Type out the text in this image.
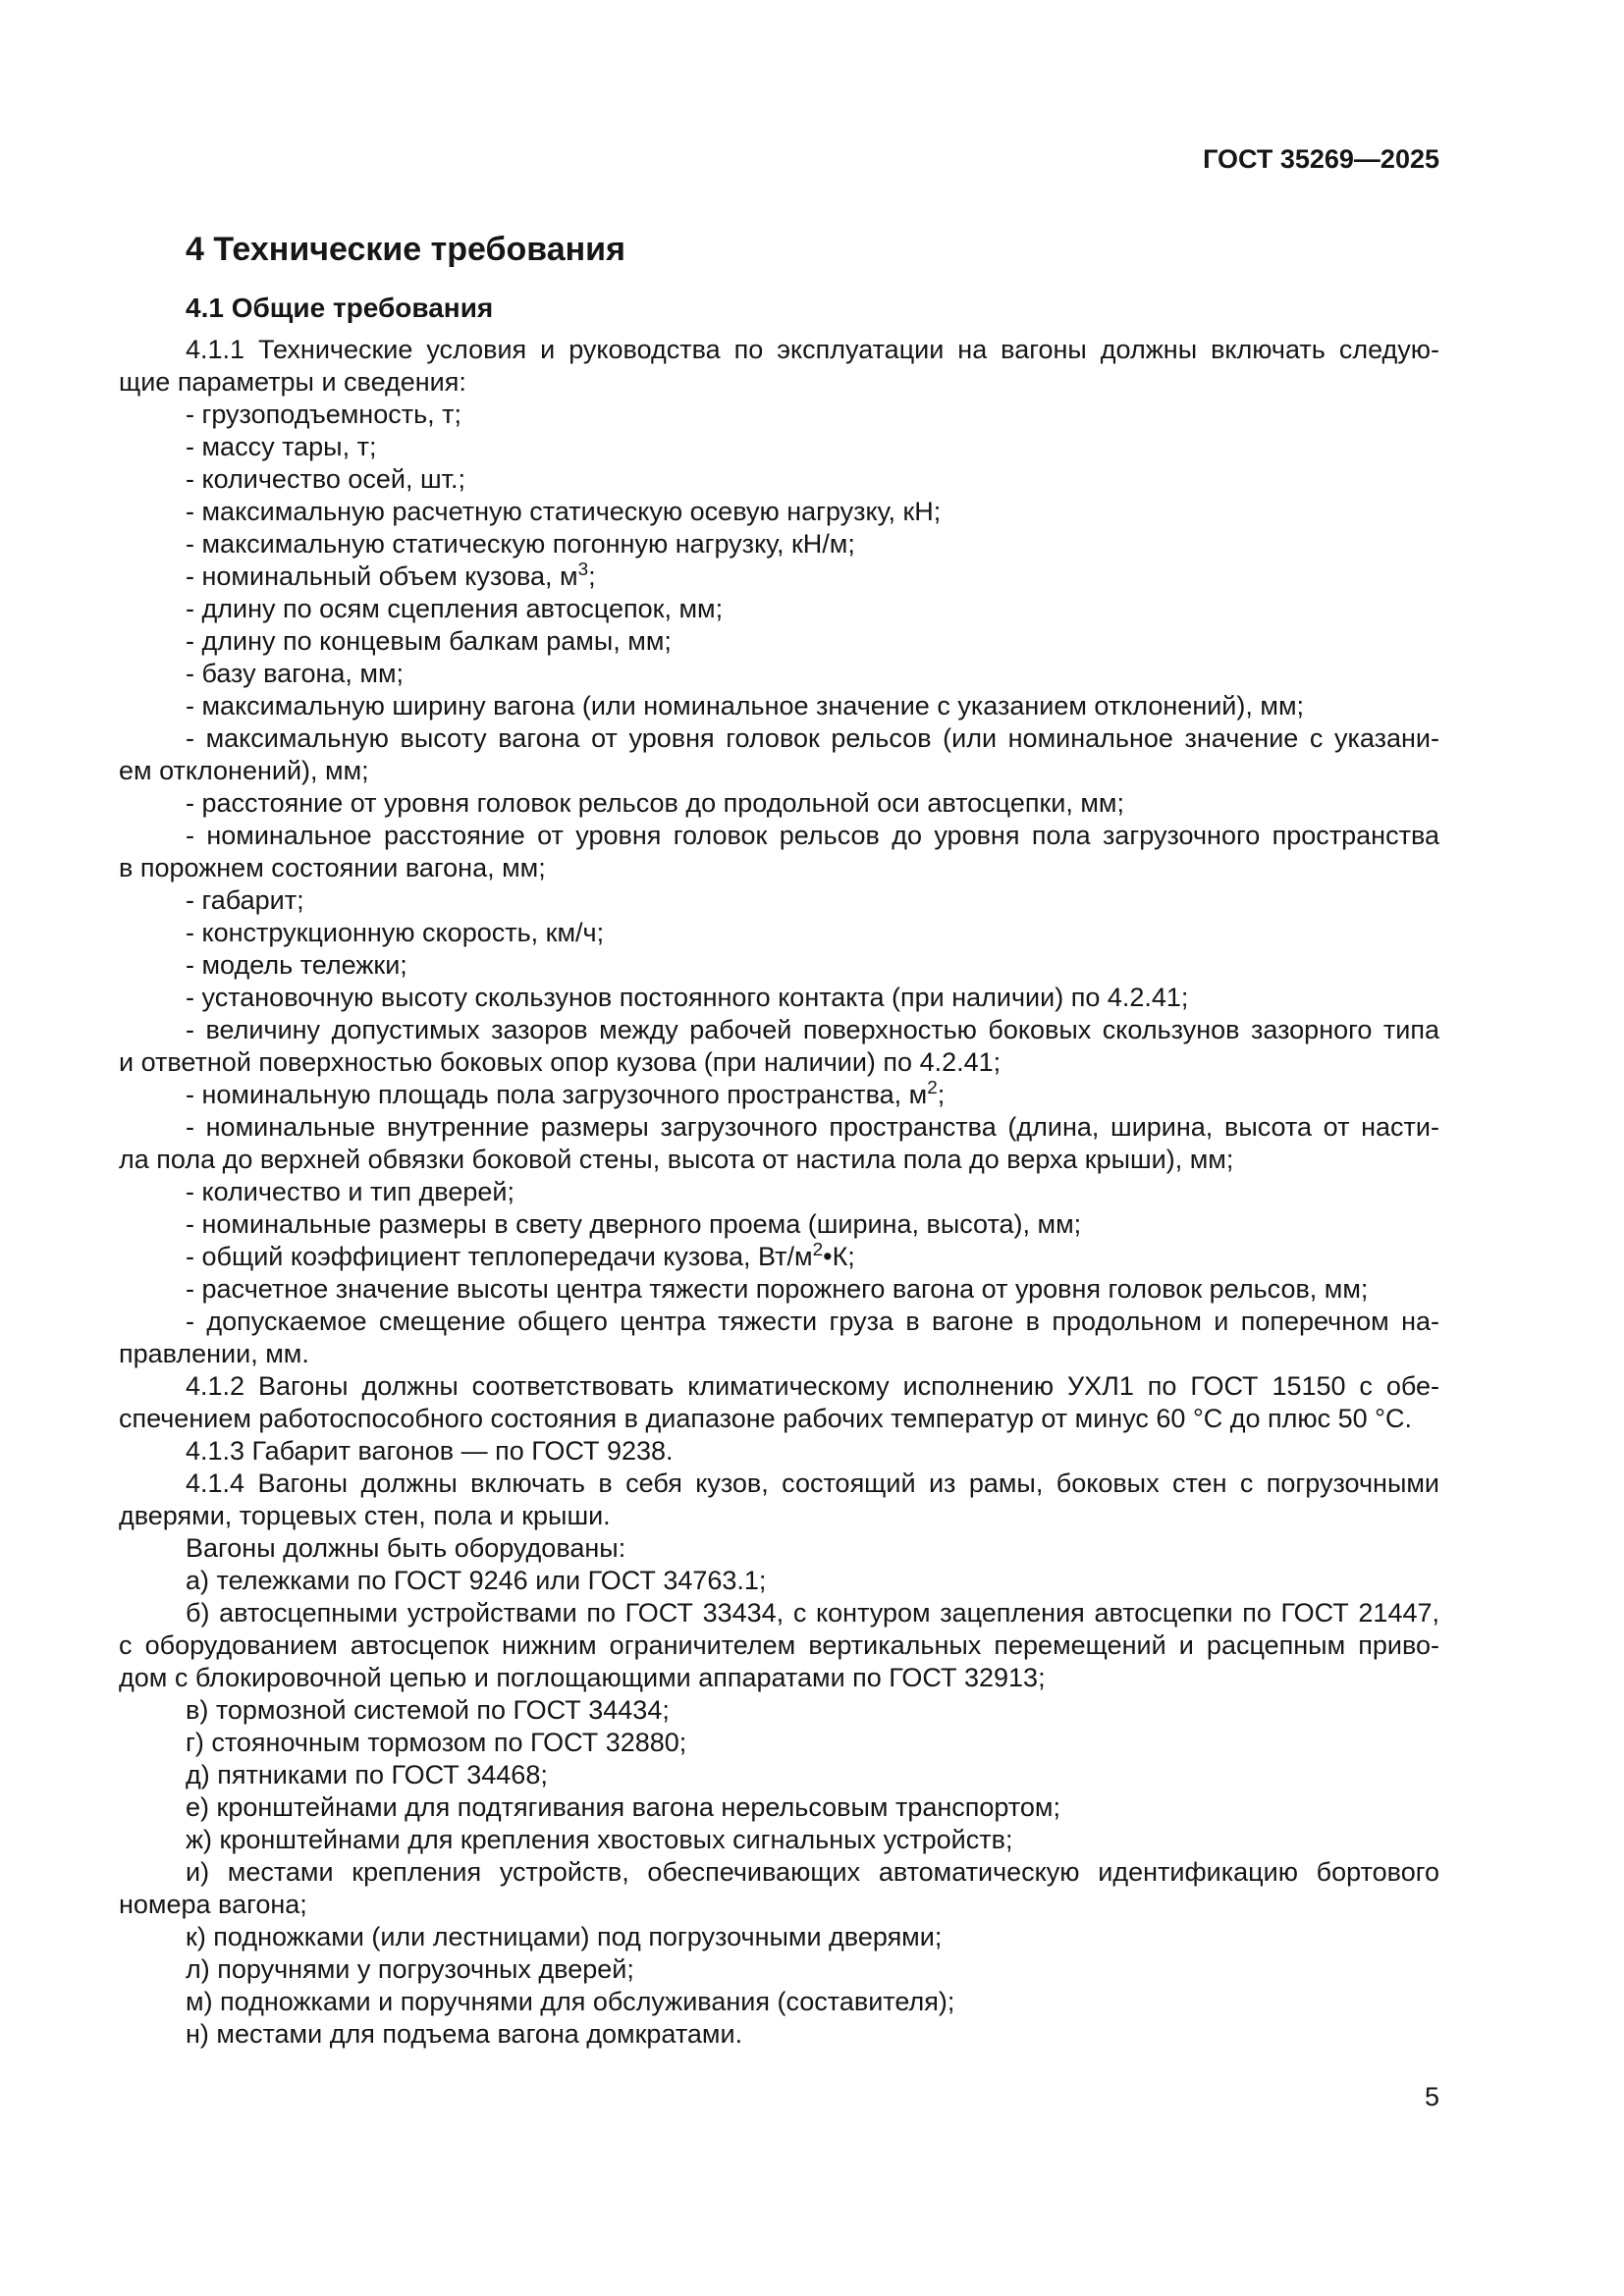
ГОСТ 35269—2025
4 Технические требования
4.1 Общие требования
4.1.1 Технические условия и руководства по эксплуатации на вагоны должны включать следую-
щие параметры и сведения:
- грузоподъемность, т;
- массу тары, т;
- количество осей, шт.;
- максимальную расчетную статическую осевую нагрузку, кН;
- максимальную статическую погонную нагрузку, кН/м;
- номинальный объем кузова, $м^3$;
- длину по осям сцепления автосцепок, мм;
- длину по концевым балкам рамы, мм;
- базу вагона, мм;
- максимальную ширину вагона (или номинальное значение с указанием отклонений), мм;
- максимальную высоту вагона от уровня головок рельсов (или номинальное значение с указани-
ем отклонений), мм;
- расстояние от уровня головок рельсов до продольной оси автосцепки, мм;
- номинальное расстояние от уровня головок рельсов до уровня пола загрузочного пространства
в порожнем состоянии вагона, мм;
- габарит;
- конструкционную скорость, км/ч;
- модель тележки;
- установочную высоту скользунов постоянного контакта (при наличии) по 4.2.41;
- величину допустимых зазоров между рабочей поверхностью боковых скользунов зазорного типа
и ответной поверхностью боковых опор кузова (при наличии) по 4.2.41;
- номинальную площадь пола загрузочного пространства, $м^2$;
- номинальные внутренние размеры загрузочного пространства (длина, ширина, высота от насти-
ла пола до верхней обвязки боковой стены, высота от настила пола до верха крыши), мм;
- количество и тип дверей;
- номинальные размеры в свету дверного проема (ширина, высота), мм;
- общий коэффициент теплопередачи кузова, $Вт/м^2•К$;
- расчетное значение высоты центра тяжести порожнего вагона от уровня головок рельсов, мм;
- допускаемое смещение общего центра тяжести груза в вагоне в продольном и поперечном на-
правлении, мм.
4.1.2 Вагоны должны соответствовать климатическому исполнению УХЛ1 по ГОСТ 15150 с обе-
спечением работоспособного состояния в диапазоне рабочих температур от минус 60 °С до плюс 50 °С.
4.1.3 Габарит вагонов — по ГОСТ 9238.
4.1.4 Вагоны должны включать в себя кузов, состоящий из рамы, боковых стен с погрузочными
дверями, торцевых стен, пола и крыши.
Вагоны должны быть оборудованы:
а) тележками по ГОСТ 9246 или ГОСТ 34763.1;
б) автосцепными устройствами по ГОСТ 33434, с контуром зацепления автосцепки по ГОСТ 21447,
с оборудованием автосцепок нижним ограничителем вертикальных перемещений и расцепным приво-
дом с блокировочной цепью и поглощающими аппаратами по ГОСТ 32913;
в) тормозной системой по ГОСТ 34434;
г) стояночным тормозом по ГОСТ 32880;
д) пятниками по ГОСТ 34468;
е) кронштейнами для подтягивания вагона нерельсовым транспортом;
ж) кронштейнами для крепления хвостовых сигнальных устройств;
и) местами крепления устройств, обеспечивающих автоматическую идентификацию бортового
номера вагона;
к) подножками (или лестницами) под погрузочными дверями;
л) поручнями у погрузочных дверей;
м) подножками и поручнями для обслуживания (составителя);
н) местами для подъема вагона домкратами.
5
